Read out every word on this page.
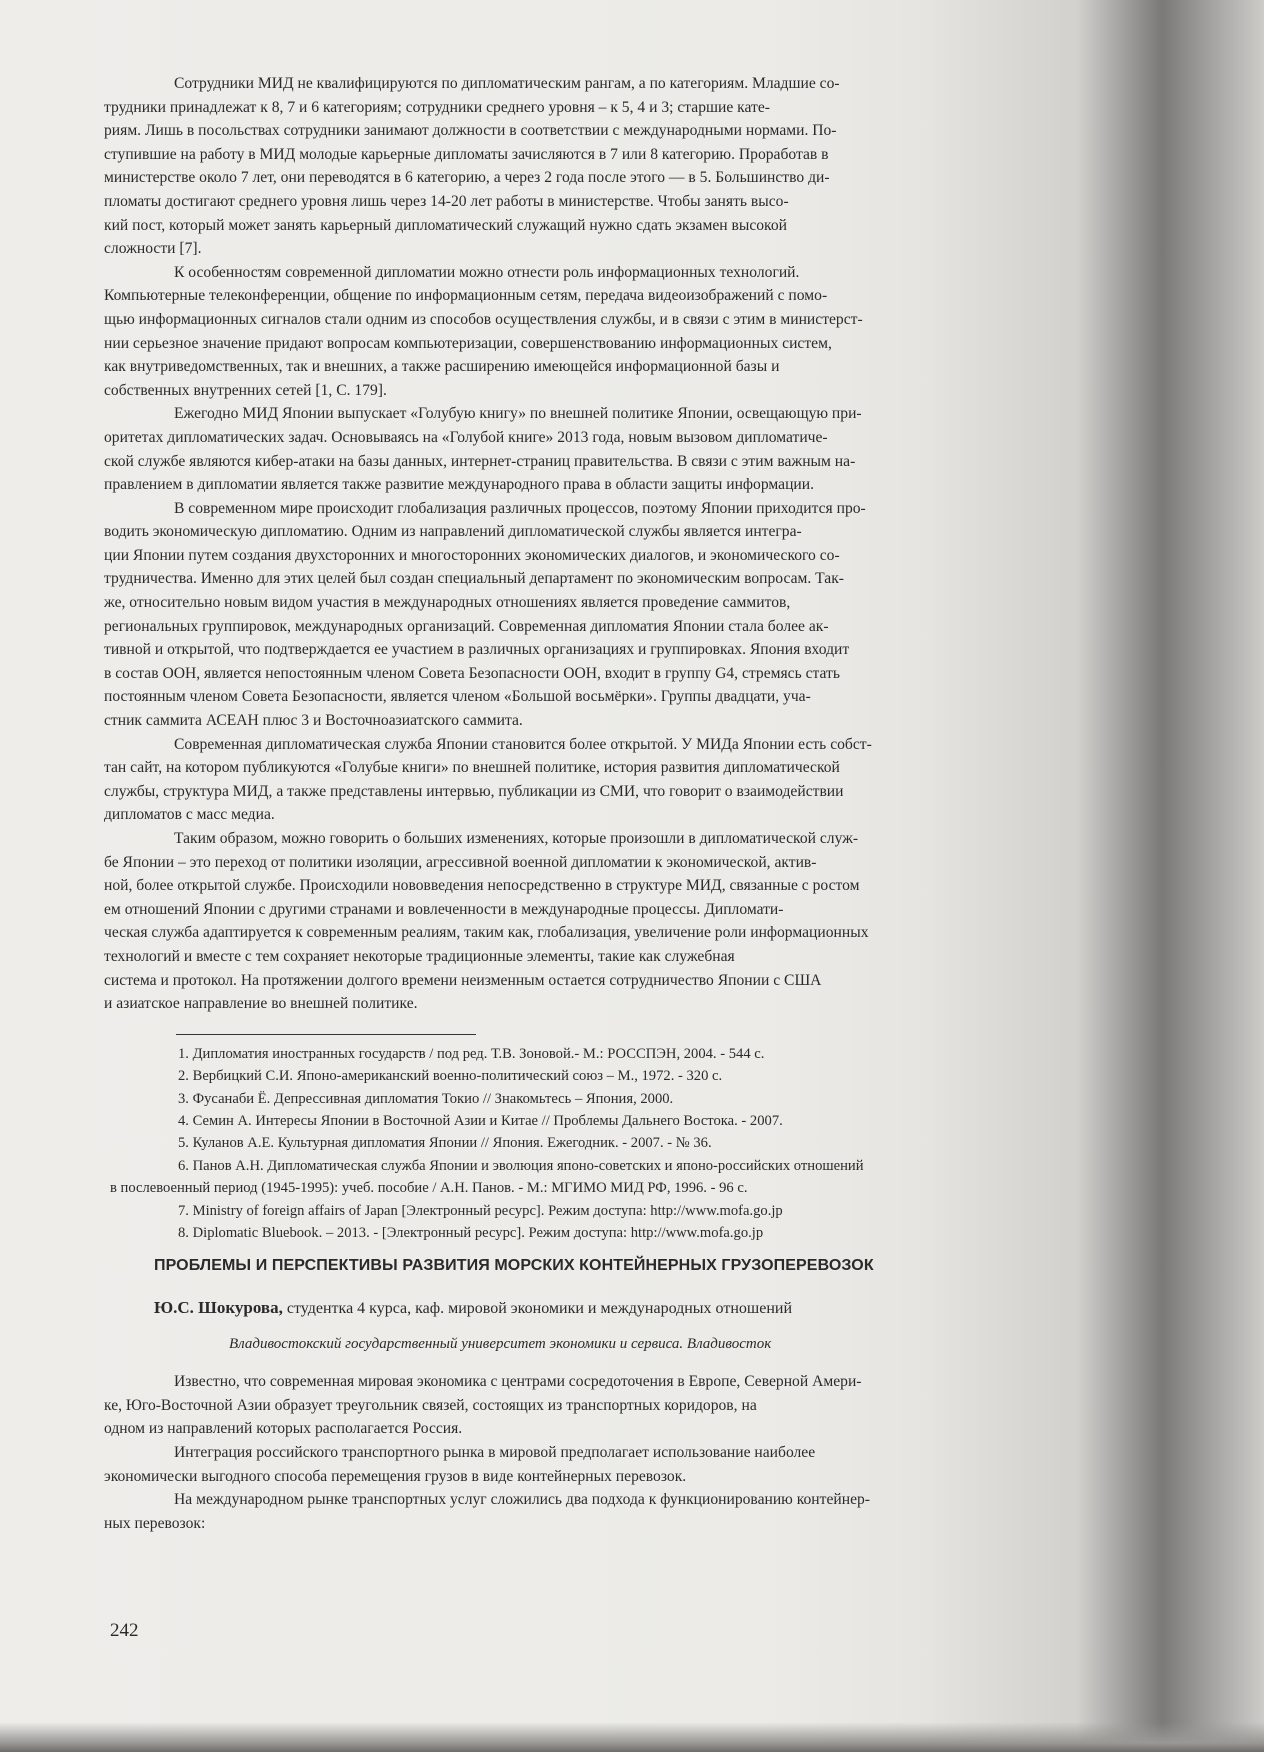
Сотрудники МИД не квалифицируются по дипломатическим рангам, а по категориям. Младшие со-
трудники принадлежат к 8, 7 и 6 категориям; сотрудники среднего уровня – к 5, 4 и 3; старшие кате-
риям. Лишь в посольствах сотрудники занимают должности в соответствии с международными нормами. По-
ступившие на работу в МИД молодые карьерные дипломаты зачисляются в 7 или 8 категорию. Проработав в
министерстве около 7 лет, они переводятся в 6 категорию, а через 2 года после этого — в 5. Большинство ди-
пломаты достигают среднего уровня лишь через 14-20 лет работы в министерстве. Чтобы занять высо-
кий пост, который может занять карьерный дипломатический служащий нужно сдать экзамен высокой
сложности [7].
К особенностям современной дипломатии можно отнести роль информационных технологий.
Компьютерные телеконференции, общение по информационным сетям, передача видеоизображений с помо-
щью информационных сигналов стали одним из способов осуществления службы, и в связи с этим в министерст-
нии серьезное значение придают вопросам компьютеризации, совершенствованию информационных систем,
как внутриведомственных, так и внешних, а также расширению имеющейся информационной базы и
собственных внутренних сетей [1, С. 179].
Ежегодно МИД Японии выпускает «Голубую книгу» по внешней политике Японии, освещающую при-
оритетах дипломатических задач. Основываясь на «Голубой книге» 2013 года, новым вызовом дипломатиче-
ской службе являются кибер-атаки на базы данных, интернет-страниц правительства. В связи с этим важным на-
правлением в дипломатии является также развитие международного права в области защиты информации.
В современном мире происходит глобализация различных процессов, поэтому Японии приходится про-
водить экономическую дипломатию. Одним из направлений дипломатической службы является интегра-
ции Японии путем создания двухсторонних и многосторонних экономических диалогов, и экономического со-
трудничества. Именно для этих целей был создан специальный департамент по экономическим вопросам. Так-
же, относительно новым видом участия в международных отношениях является проведение саммитов,
региональных группировок, международных организаций. Современная дипломатия Японии стала более ак-
тивной и открытой, что подтверждается ее участием в различных организациях и группировках. Япония входит
в состав ООН, является непостоянным членом Совета Безопасности ООН, входит в группу G4, стремясь стать
постоянным членом Совета Безопасности, является членом «Большой восьмёрки». Группы двадцати, уча-
стник саммита АСЕАН плюс 3 и Восточноазиатского саммита.
Современная дипломатическая служба Японии становится более открытой. У МИДа Японии есть собст-
тан сайт, на котором публикуются «Голубые книги» по внешней политике, история развития дипломатической
службы, структура МИД, а также представлены интервью, публикации из СМИ, что говорит о взаимодействии
дипломатов с масс медиа.
Таким образом, можно говорить о больших изменениях, которые произошли в дипломатической служ-
бе Японии – это переход от политики изоляции, агрессивной военной дипломатии к экономической, актив-
ной, более открытой службе. Происходили нововведения непосредственно в структуре МИД, связанные с ростом
ем отношений Японии с другими странами и вовлеченности в международные процессы. Дипломати-
ческая служба адаптируется к современным реалиям, таким как, глобализация, увеличение роли информационных
технологий и вместе с тем сохраняет некоторые традиционные элементы, такие как служебная
система и протокол. На протяжении долгого времени неизменным остается сотрудничество Японии с США
и азиатское направление во внешней политике.
1. Дипломатия иностранных государств / под ред. Т.В. Зоновой.- М.: РОССПЭН, 2004. - 544 с.
2. Вербицкий С.И. Японо-американский военно-политический союз – М., 1972. - 320 с.
3. Фусанаби Ё. Депрессивная дипломатия Токио // Знакомьтесь – Япония, 2000.
4. Семин А. Интересы Японии в Восточной Азии и Китае // Проблемы Дальнего Востока. - 2007.
5. Куланов А.Е. Культурная дипломатия Японии // Япония. Ежегодник. - 2007. - № 36.
6. Панов А.Н. Дипломатическая служба Японии и эволюция японо-советских и японо-российских отношений
в послевоенный период (1945-1995): учеб. пособие / А.Н. Панов. - М.: МГИМО МИД РФ, 1996. - 96 с.
7. Ministry of foreign affairs of Japan [Электронный ресурс]. Режим доступа: http://www.mofa.go.jp
8. Diplomatic Bluebook. – 2013. - [Электронный ресурс]. Режим доступа: http://www.mofa.go.jp
ПРОБЛЕМЫ И ПЕРСПЕКТИВЫ РАЗВИТИЯ МОРСКИХ КОНТЕЙНЕРНЫХ ГРУЗОПЕРЕВОЗОК
Ю.С. Шокурова, студентка 4 курса, каф. мировой экономики и международных отношений
Владивостокский государственный университет экономики и сервиса. Владивосток
Известно, что современная мировая экономика с центрами сосредоточения в Европе, Северной Амери-
ке, Юго-Восточной Азии образует треугольник связей, состоящих из транспортных коридоров, на
одном из направлений которых располагается Россия.
Интеграция российского транспортного рынка в мировой предполагает использование наиболее
экономически выгодного способа перемещения грузов в виде контейнерных перевозок.
На международном рынке транспортных услуг сложились два подхода к функционированию контейнер-
ных перевозок:
242
